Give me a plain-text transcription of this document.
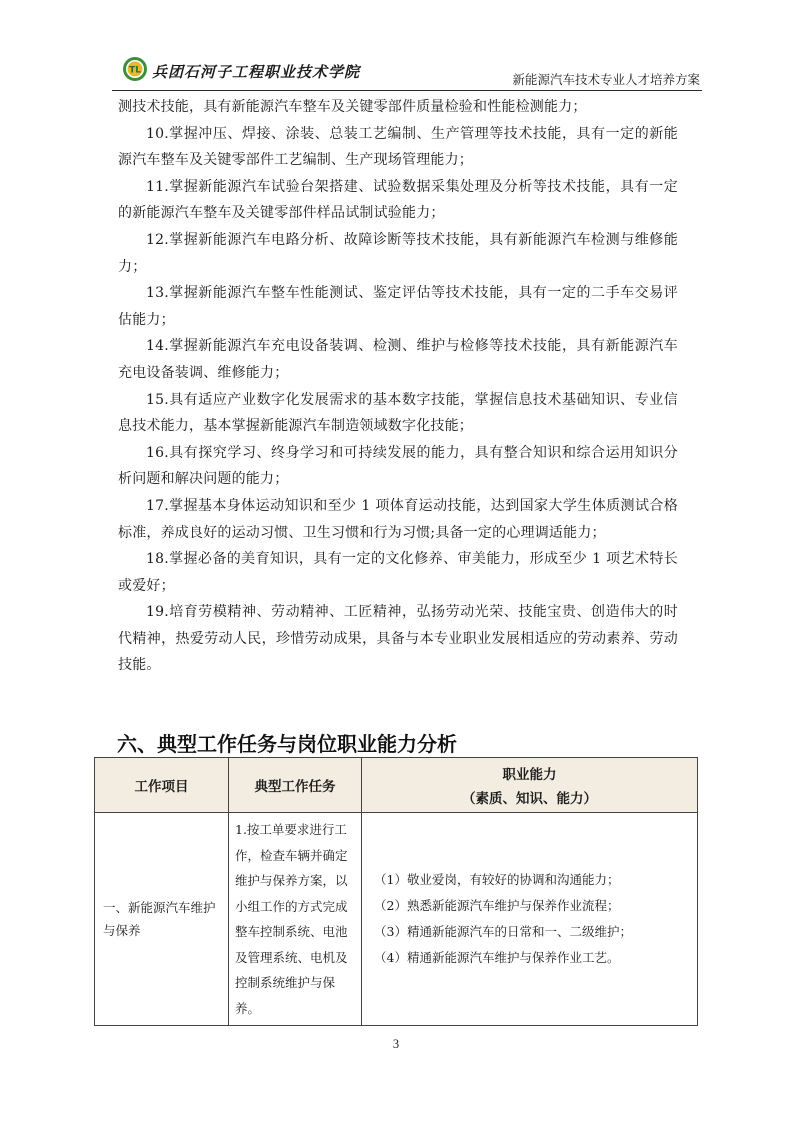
TL 兵团石河子工程职业技术学院	新能源汽车技术专业人才培养方案

测技术技能，具有新能源汽车整车及关键零部件质量检验和性能检测能力；

10.掌握冲压、焊接、涂装、总装工艺编制、生产管理等技术技能，具有一定的新能源汽车整车及关键零部件工艺编制、生产现场管理能力；

11.掌握新能源汽车试验台架搭建、试验数据采集处理及分析等技术技能，具有一定的新能源汽车整车及关键零部件样品试制试验能力；

12.掌握新能源汽车电路分析、故障诊断等技术技能，具有新能源汽车检测与维修能力；

13.掌握新能源汽车整车性能测试、鉴定评估等技术技能，具有一定的二手车交易评估能力；

14.掌握新能源汽车充电设备装调、检测、维护与检修等技术技能，具有新能源汽车充电设备装调、维修能力；

15.具有适应产业数字化发展需求的基本数字技能，掌握信息技术基础知识、专业信息技术能力，基本掌握新能源汽车制造领域数字化技能；

16.具有探究学习、终身学习和可持续发展的能力，具有整合知识和综合运用知识分析问题和解决问题的能力；

17.掌握基本身体运动知识和至少 1 项体育运动技能，达到国家大学生体质测试合格标准，养成良好的运动习惯、卫生习惯和行为习惯;具备一定的心理调适能力；

18.掌握必备的美育知识，具有一定的文化修养、审美能力，形成至少 1 项艺术特长或爱好；

19.培育劳模精神、劳动精神、工匠精神，弘扬劳动光荣、技能宝贵、创造伟大的时代精神，热爱劳动人民，珍惜劳动成果，具备与本专业职业发展相适应的劳动素养、劳动技能。

六、典型工作任务与岗位职业能力分析
工作项目	典型工作任务	职业能力
（素质、知识、能力）

一、新能源汽车维护与保养	1.按工单要求进行工作，检查车辆并确定维护与保养方案，以小组工作的方式完成整车控制系统、电池及管理系统、电机及控制系统维护与保养。	（1）敬业爱岗，有较好的协调和沟通能力；
（2）熟悉新能源汽车维护与保养作业流程；
（3）精通新能源汽车的日常和一、二级维护；
（4）精通新能源汽车维护与保养作业工艺。
3
